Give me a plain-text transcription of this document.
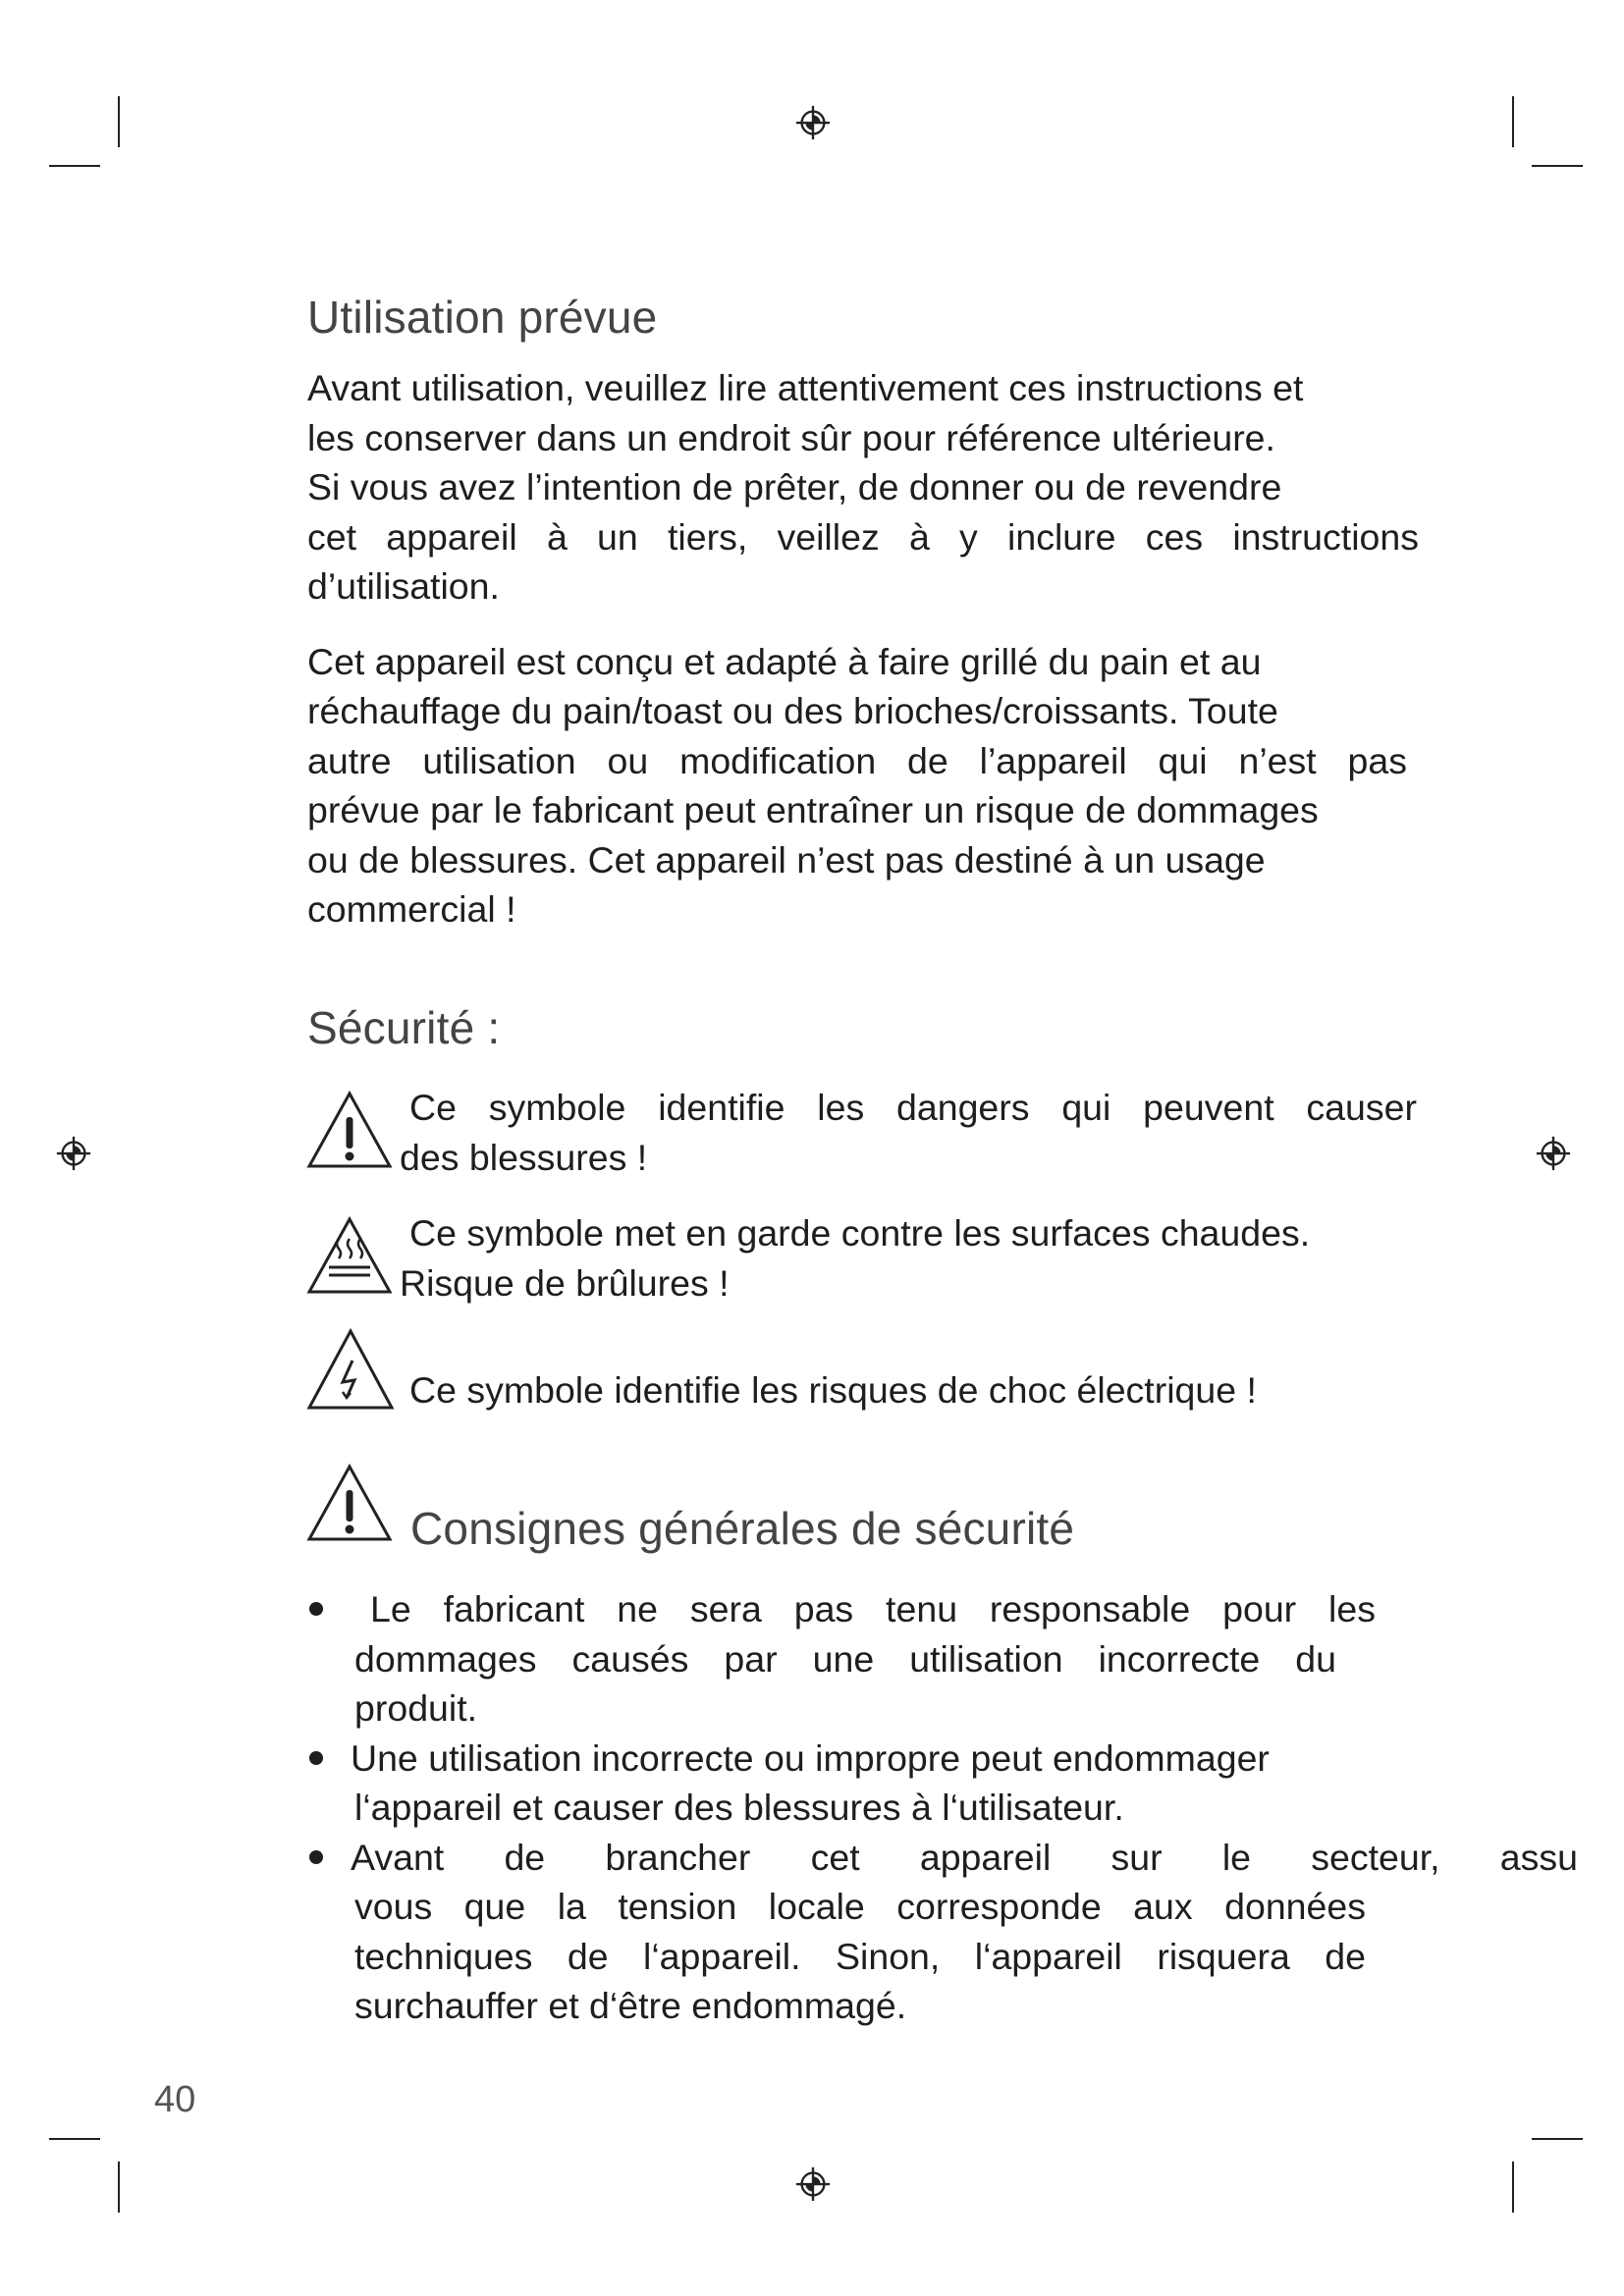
Utilisation prévue

Avant utilisation, veuillez lire attentivement ces instructions et
les conserver dans un endroit sûr pour référence ultérieure.
Si vous avez l’intention de prêter, de donner ou de revendre
cet appareil à un tiers, veillez à y inclure ces instructions
d’utilisation.

Cet appareil est conçu et adapté à faire grillé du pain et au
réchauffage du pain/toast ou des brioches/croissants. Toute
autre utilisation ou modification de l’appareil qui n’est pas
prévue par le fabricant peut entraîner un risque de dommages
ou de blessures. Cet appareil n’est pas destiné à un usage
commercial !

Sécurité :
Ce symbole identifie les dangers qui peuvent causer
des blessures !
Ce symbole met en garde contre les surfaces chaudes.
Risque de brûlures !
Ce symbole identifie les risques de choc électrique !
Consignes générales de sécurité
Le fabricant ne sera pas tenu responsable pour les
dommages causés par une utilisation incorrecte du
produit.
Une utilisation incorrecte ou impropre peut endommager
l‘appareil et causer des blessures à l‘utilisateur.
Avant de brancher cet appareil sur le secteur, assu
vous que la tension locale corresponde aux données
techniques de l‘appareil. Sinon, l‘appareil risquera de
surchauffer et d‘être endommagé.
40
